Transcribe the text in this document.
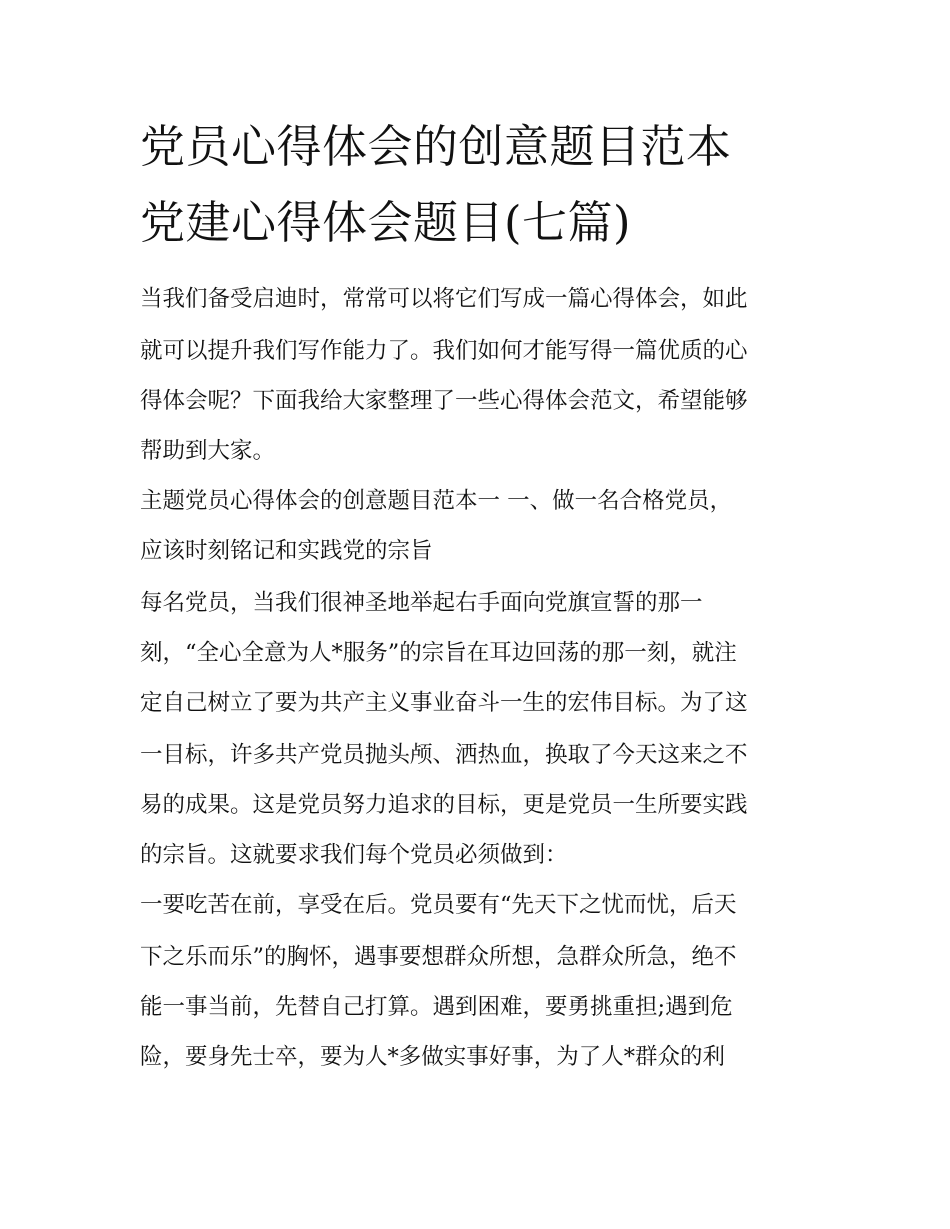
党员心得体会的创意题目范本
党建心得体会题目(七篇)
当我们备受启迪时，常常可以将它们写成一篇心得体会，如此
就可以提升我们写作能力了。我们如何才能写得一篇优质的心
得体会呢？下面我给大家整理了一些心得体会范文，希望能够
帮助到大家。
主题党员心得体会的创意题目范本一 一、做一名合格党员，
应该时刻铭记和实践党的宗旨
每名党员，当我们很神圣地举起右手面向党旗宣誓的那一
刻，“全心全意为人*服务”的宗旨在耳边回荡的那一刻，就注
定自己树立了要为共产主义事业奋斗一生的宏伟目标。为了这
一目标，许多共产党员抛头颅、洒热血，换取了今天这来之不
易的成果。这是党员努力追求的目标，更是党员一生所要实践
的宗旨。这就要求我们每个党员必须做到：
一要吃苦在前，享受在后。党员要有“先天下之忧而忧，后天
下之乐而乐”的胸怀，遇事要想群众所想，急群众所急，绝不
能一事当前，先替自己打算。遇到困难，要勇挑重担;遇到危
险，要身先士卒，要为人*多做实事好事，为了人*群众的利
